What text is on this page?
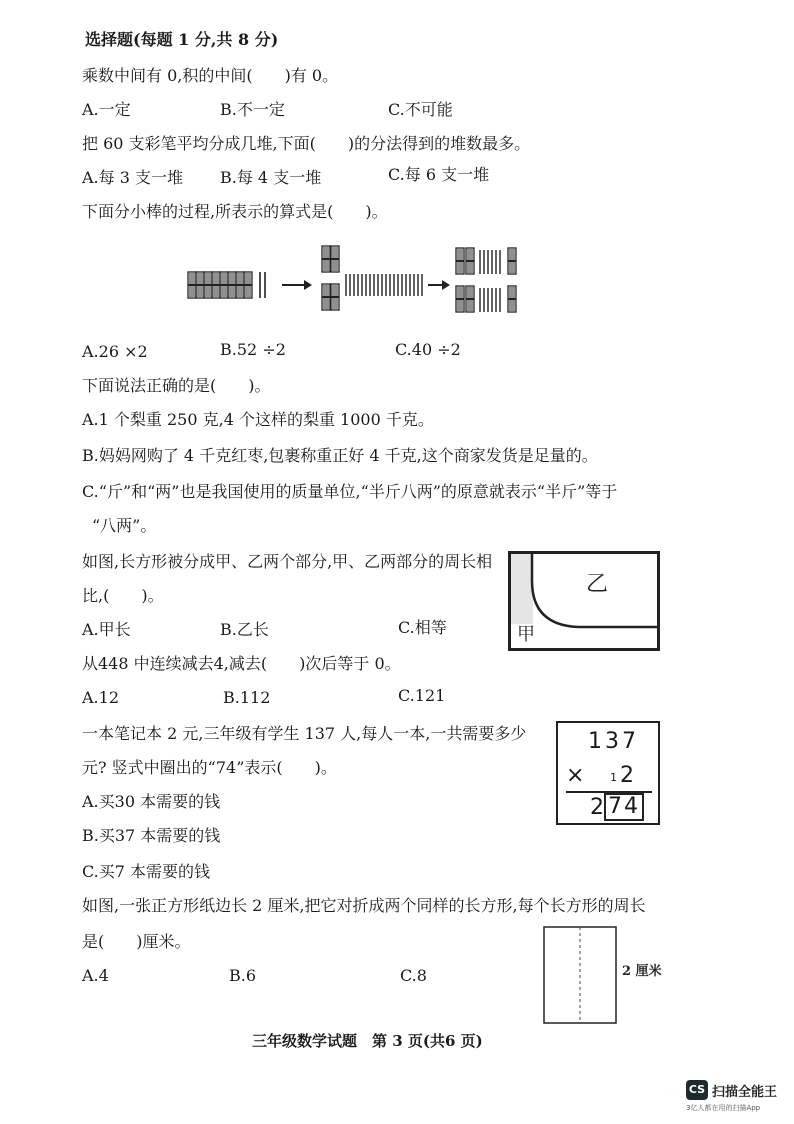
选择题(每题 1 分,共 8 分)
乘数中间有 0,积的中间(　　)有 0。
A.一定	B.不一定	C.不可能
把 60 支彩笔平均分成几堆,下面(　　)的分法得到的堆数最多。
A.每 3 支一堆 B.每 4 支一堆	C.每 6 支一堆
下面分小棒的过程,所表示的算式是(　　)。
A.26 ×2	B.52 ÷2	C.40 ÷2
下面说法正确的是(　　)。
A.1 个梨重 250 克,4 个这样的梨重 1000 千克。
B.妈妈网购了 4 千克红枣,包裹称重正好 4 千克,这个商家发货是足量的。
C.“斤”和“两”也是我国使用的质量单位,“半斤八两”的原意就表示“半斤”等于
“八两”。
如图,长方形被分成甲、乙两个部分,甲、乙两部分的周长相
比,(　　)。
A.甲长	B.乙长	C.相等	甲
乙
从448 中连续减去4,减去(　　)次后等于 0。
A.12	B.112	C.121
一本笔记本 2 元,三年级有学生 137 人,每人一本,一共需要多少
元? 竖式中圈出的“74”表示(　　)。
A.买30 本需要的钱
B.买37 本需要的钱
C.买7 本需要的钱
137
× 1 2
2 74
如图,一张正方形纸边长 2 厘米,把它对折成两个同样的长方形,每个长方形的周长
是(　　)厘米。
A.4	B.6	C.8	2 厘米
三年级数学试题　第 3 页(共6 页)
CS 扫描全能王
3亿人都在用的扫描App
